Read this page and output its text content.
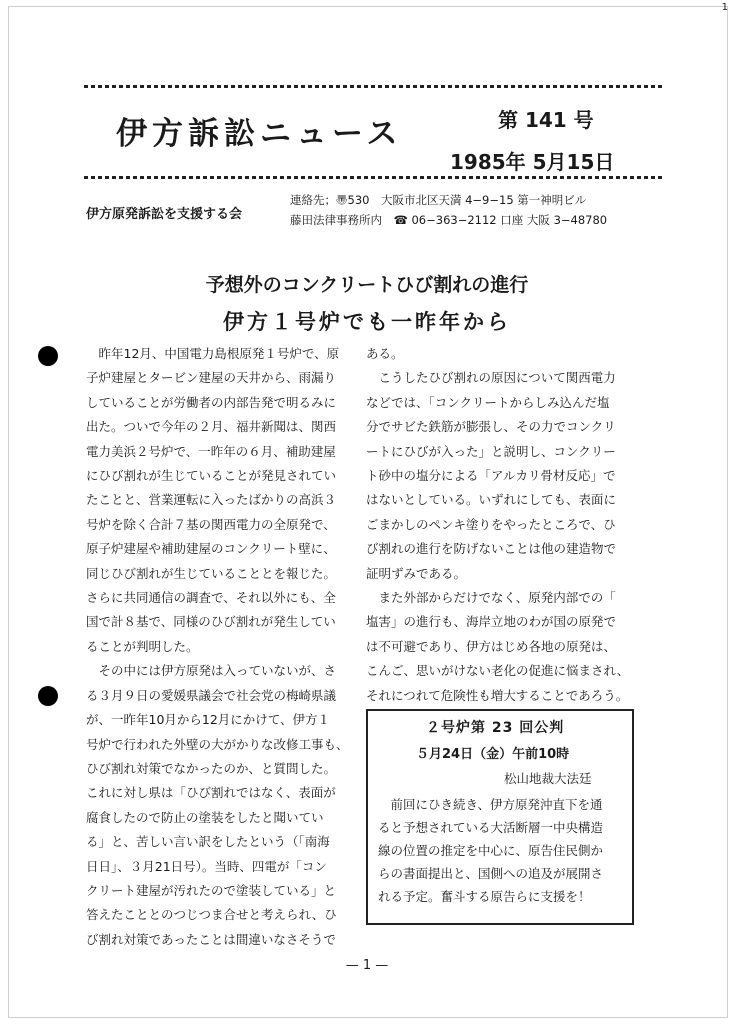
1
伊方訴訟ニュース	第 141 号
1985年 5月15日
伊方原発訴訟を支援する会
連絡先；〠530　大阪市北区天満 4−9−15 第一神明ビル
藤田法律事務所内　☎ 06−363−2112 口座 大阪 3−48780
予想外のコンクリートひび割れの進行
伊方１号炉でも一昨年から
　昨年12月、中国電力島根原発１号炉で、原
子炉建屋とタービン建屋の天井から、雨漏り
していることが労働者の内部告発で明るみに
出た。ついで今年の２月、福井新聞は、関西
電力美浜２号炉で、一昨年の６月、補助建屋
にひび割れが生じていることが発見されてい
たことと、営業運転に入ったばかりの高浜３
号炉を除く合計７基の関西電力の全原発で、
原子炉建屋や補助建屋のコンクリート壁に、
同じひび割れが生じていることとを報じた。
さらに共同通信の調査で、それ以外にも、全
国で計８基で、同様のひび割れが発生してい
ることが判明した。
　その中には伊方原発は入っていないが、さ
る３月９日の愛媛県議会で社会党の梅崎県議
が、一昨年10月から12月にかけて、伊方１
号炉で行われた外壁の大がかりな改修工事も、
ひび割れ対策でなかったのか、と質問した。
これに対し県は「ひび割れではなく、表面が
腐食したので防止の塗装をしたと聞いてい
る」と、苦しい言い訳をしたという（「南海
日日」、３月21日号）。当時、四電が「コン
クリート建屋が汚れたので塗装している」と
答えたこととのつじつま合せと考えられ、ひ
び割れ対策であったことは間違いなさそうで
ある。
　こうしたひび割れの原因について関西電力
などでは、「コンクリートからしみ込んだ塩
分でサビた鉄筋が膨張し、その力でコンクリ
ートにひびが入った」と説明し、コンクリー
ト砂中の塩分による「アルカリ骨材反応」で
はないとしている。いずれにしても、表面に
ごまかしのペンキ塗りをやったところで、ひ
び割れの進行を防げないことは他の建造物で
証明ずみである。
　また外部からだけでなく、原発内部での「
塩害」の進行も、海岸立地のわが国の原発で
は不可避であり、伊方はじめ各地の原発は、
こんご、思いがけない老化の促進に悩まされ、
それにつれて危険性も増大することであろう。
２号炉第 23 回公判
５月24日（金）午前10時
松山地裁大法廷
　前回にひき続き、伊方原発沖直下を通
ると予想されている大活断層一中央構造
線の位置の推定を中心に、原告住民側か
らの書面提出と、国側への追及が展開さ
れる予定。奮斗する原告らに支援を！
— 1 —
